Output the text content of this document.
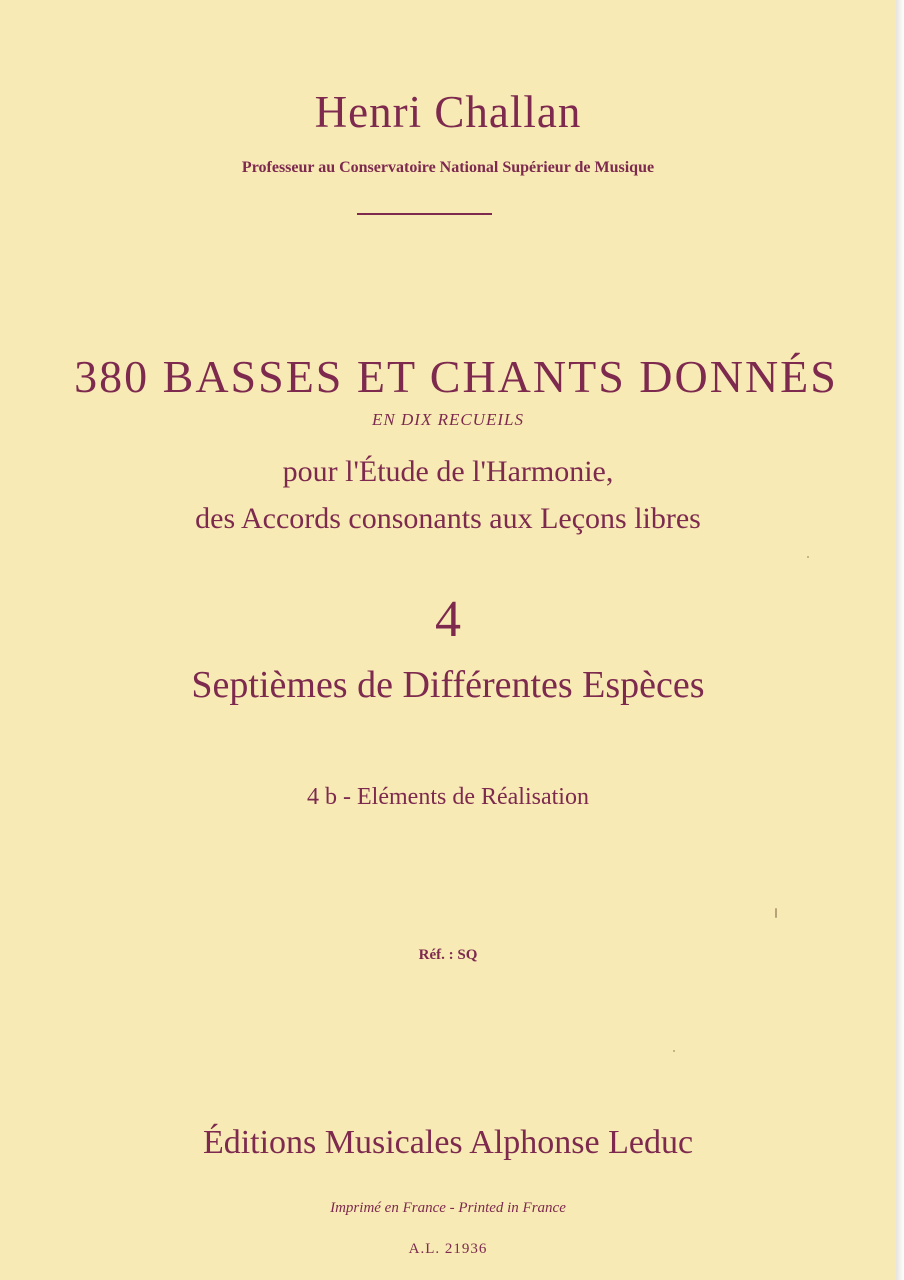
Henri Challan
Professeur au Conservatoire National Supérieur de Musique
380 BASSES ET CHANTS DONNÉS
EN DIX RECUEILS
pour l'Étude de l'Harmonie,
des Accords consonants aux Leçons libres
4
Septièmes de Différentes Espèces
4 b - Eléments de Réalisation
Réf. : SQ
Éditions Musicales Alphonse Leduc
Imprimé en France - Printed in France
A.L. 21936
